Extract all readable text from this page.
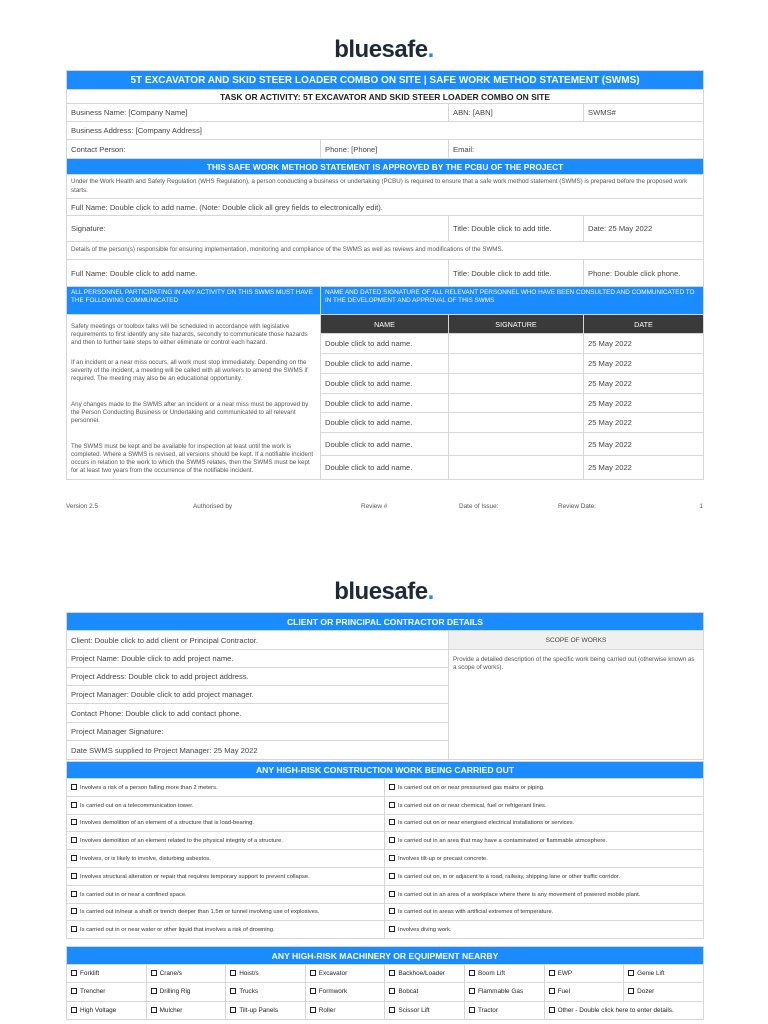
bluesafe.
5T EXCAVATOR AND SKID STEER LOADER COMBO ON SITE | SAFE WORK METHOD STATEMENT (SWMS)
TASK OR ACTIVITY: 5T EXCAVATOR AND SKID STEER LOADER COMBO ON SITE
Business Name: [Company Name]		ABN: [ABN]	SWMS#
Business Address: [Company Address]			
Contact Person:	Phone: [Phone]	Email:	
THIS SAFE WORK METHOD STATEMENT IS APPROVED BY THE PCBU OF THE PROJECT			
Under the Work Health and Safety Regulation (WHS Regulation), a person conducting a business or undertaking (PCBU) is required to ensure that a safe work method statement (SWMS) is prepared before the proposed work starts.			
Full Name: Double click to add name. (Note: Double click all grey fields to electronically edit).			
Signature:		Title: Double click to add title.	Date: 25 May 2022
Details of the person(s) responsible for ensuring implementation, monitoring and compliance of the SWMS as well as reviews and modifications of the SWMS.			
Full Name: Double click to add name.		Title: Double click to add title.	Phone: Double click phone.
ALL PERSONNEL PARTICIPATING IN ANY ACTIVITY ON THIS SWMS MUST HAVE THE FOLLOWING COMMUNICATED	NAME AND DATED SIGNATURE OF ALL RELEVANT PERSONNEL WHO HAVE BEEN CONSULTED AND COMMUNICATED TO IN THE DEVELOPMENT AND APPROVAL OF THIS SWMS		

Safety meetings or toolbox talks will be scheduled in accordance with legislative requirements to first identify any site hazards, secondly to communicate those hazards and then to further take steps to either eliminate or control each hazard.
If an incident or a near miss occurs, all work must stop immediately. Depending on the severity of the incident, a meeting will be called with all workers to amend the SWMS if required. The meeting may also be an educational opportunity.
Any changes made to the SWMS after an incident or a near miss must be approved by the Person Conducting Business or Undertaking and communicated to all relevant personnel.
The SWMS must be kept and be available for inspection at least until the work is completed. Where a SWMS is revised, all versions should be kept. If a notifiable incident occurs in relation to the work to which the SWMS relates, then the SWMS must be kept for at least two years from the occurrence of the notifiable incident.	NAME	SIGNATURE	DATE
	Double click to add name.		25 May 2022
	Double click to add name.		25 May 2022
	Double click to add name.		25 May 2022
	Double click to add name.		25 May 2022
	Double click to add name.		25 May 2022
	Double click to add name.		25 May 2022
	Double click to add name.		25 May 2022
Version 2.5	Authorised by	Review #	Date of Issue:	Review Date:	1
bluesafe.
CLIENT OR PRINCIPAL CONTRACTOR DETAILS	
Client: Double click to add client or Principal Contractor.	SCOPE OF WORKS
Project Name: Double click to add project name.	Provide a detailed description of the specific work being carried out (otherwise known as a scope of works).
Project Address: Double click to add project address.	
Project Manager: Double click to add project manager.	
Contact Phone: Double click to add contact phone.	
Project Manager Signature:	
Date SWMS supplied to Project Manager: 25 May 2022	
ANY HIGH-RISK CONSTRUCTION WORK BEING CARRIED OUT	
Involves a risk of a person falling more than 2 meters.	Is carried out on or near pressurised gas mains or piping.
Is carried out on a telecommunication tower.	Is carried out on or near chemical, fuel or refrigerant lines.
Involves demolition of an element of a structure that is load-bearing.	Is carried out on or near energised electrical installations or services.
Involves demolition of an element related to the physical integrity of a structure.	Is carried out in an area that may have a contaminated or flammable atmosphere.
Involves, or is likely to involve, disturbing asbestos.	Involves tilt-up or precast concrete.
Involves structural alteration or repair that requires temporary support to prevent collapse.	Is carried out on, in or adjacent to a road, railway, shipping lane or other traffic corridor.
Is carried out in or near a confined space.	Is carried out in an area of a workplace where there is any movement of powered mobile plant.
Is carried out in/near a shaft or trench deeper than 1.5m or tunnel involving use of explosives.	Is carried out in areas with artificial extremes of temperature.
Is carried out in or near water or other liquid that involves a risk of drowning.	Involves diving work.
ANY HIGH-RISK MACHINERY OR EQUIPMENT NEARBY							
Forklift	Crane/s	Hoist/s	Excavator	Backhoe/Loader	Boom Lift	EWP	Genie Lift
Trencher	Drilling Rig	Trucks	Formwork	Bobcat	Flammable Gas	Fuel	Dozer
High Voltage	Mulcher	Tilt-up Panels	Roller	Scissor Lift	Tractor	Other - Double click here to enter details.	
